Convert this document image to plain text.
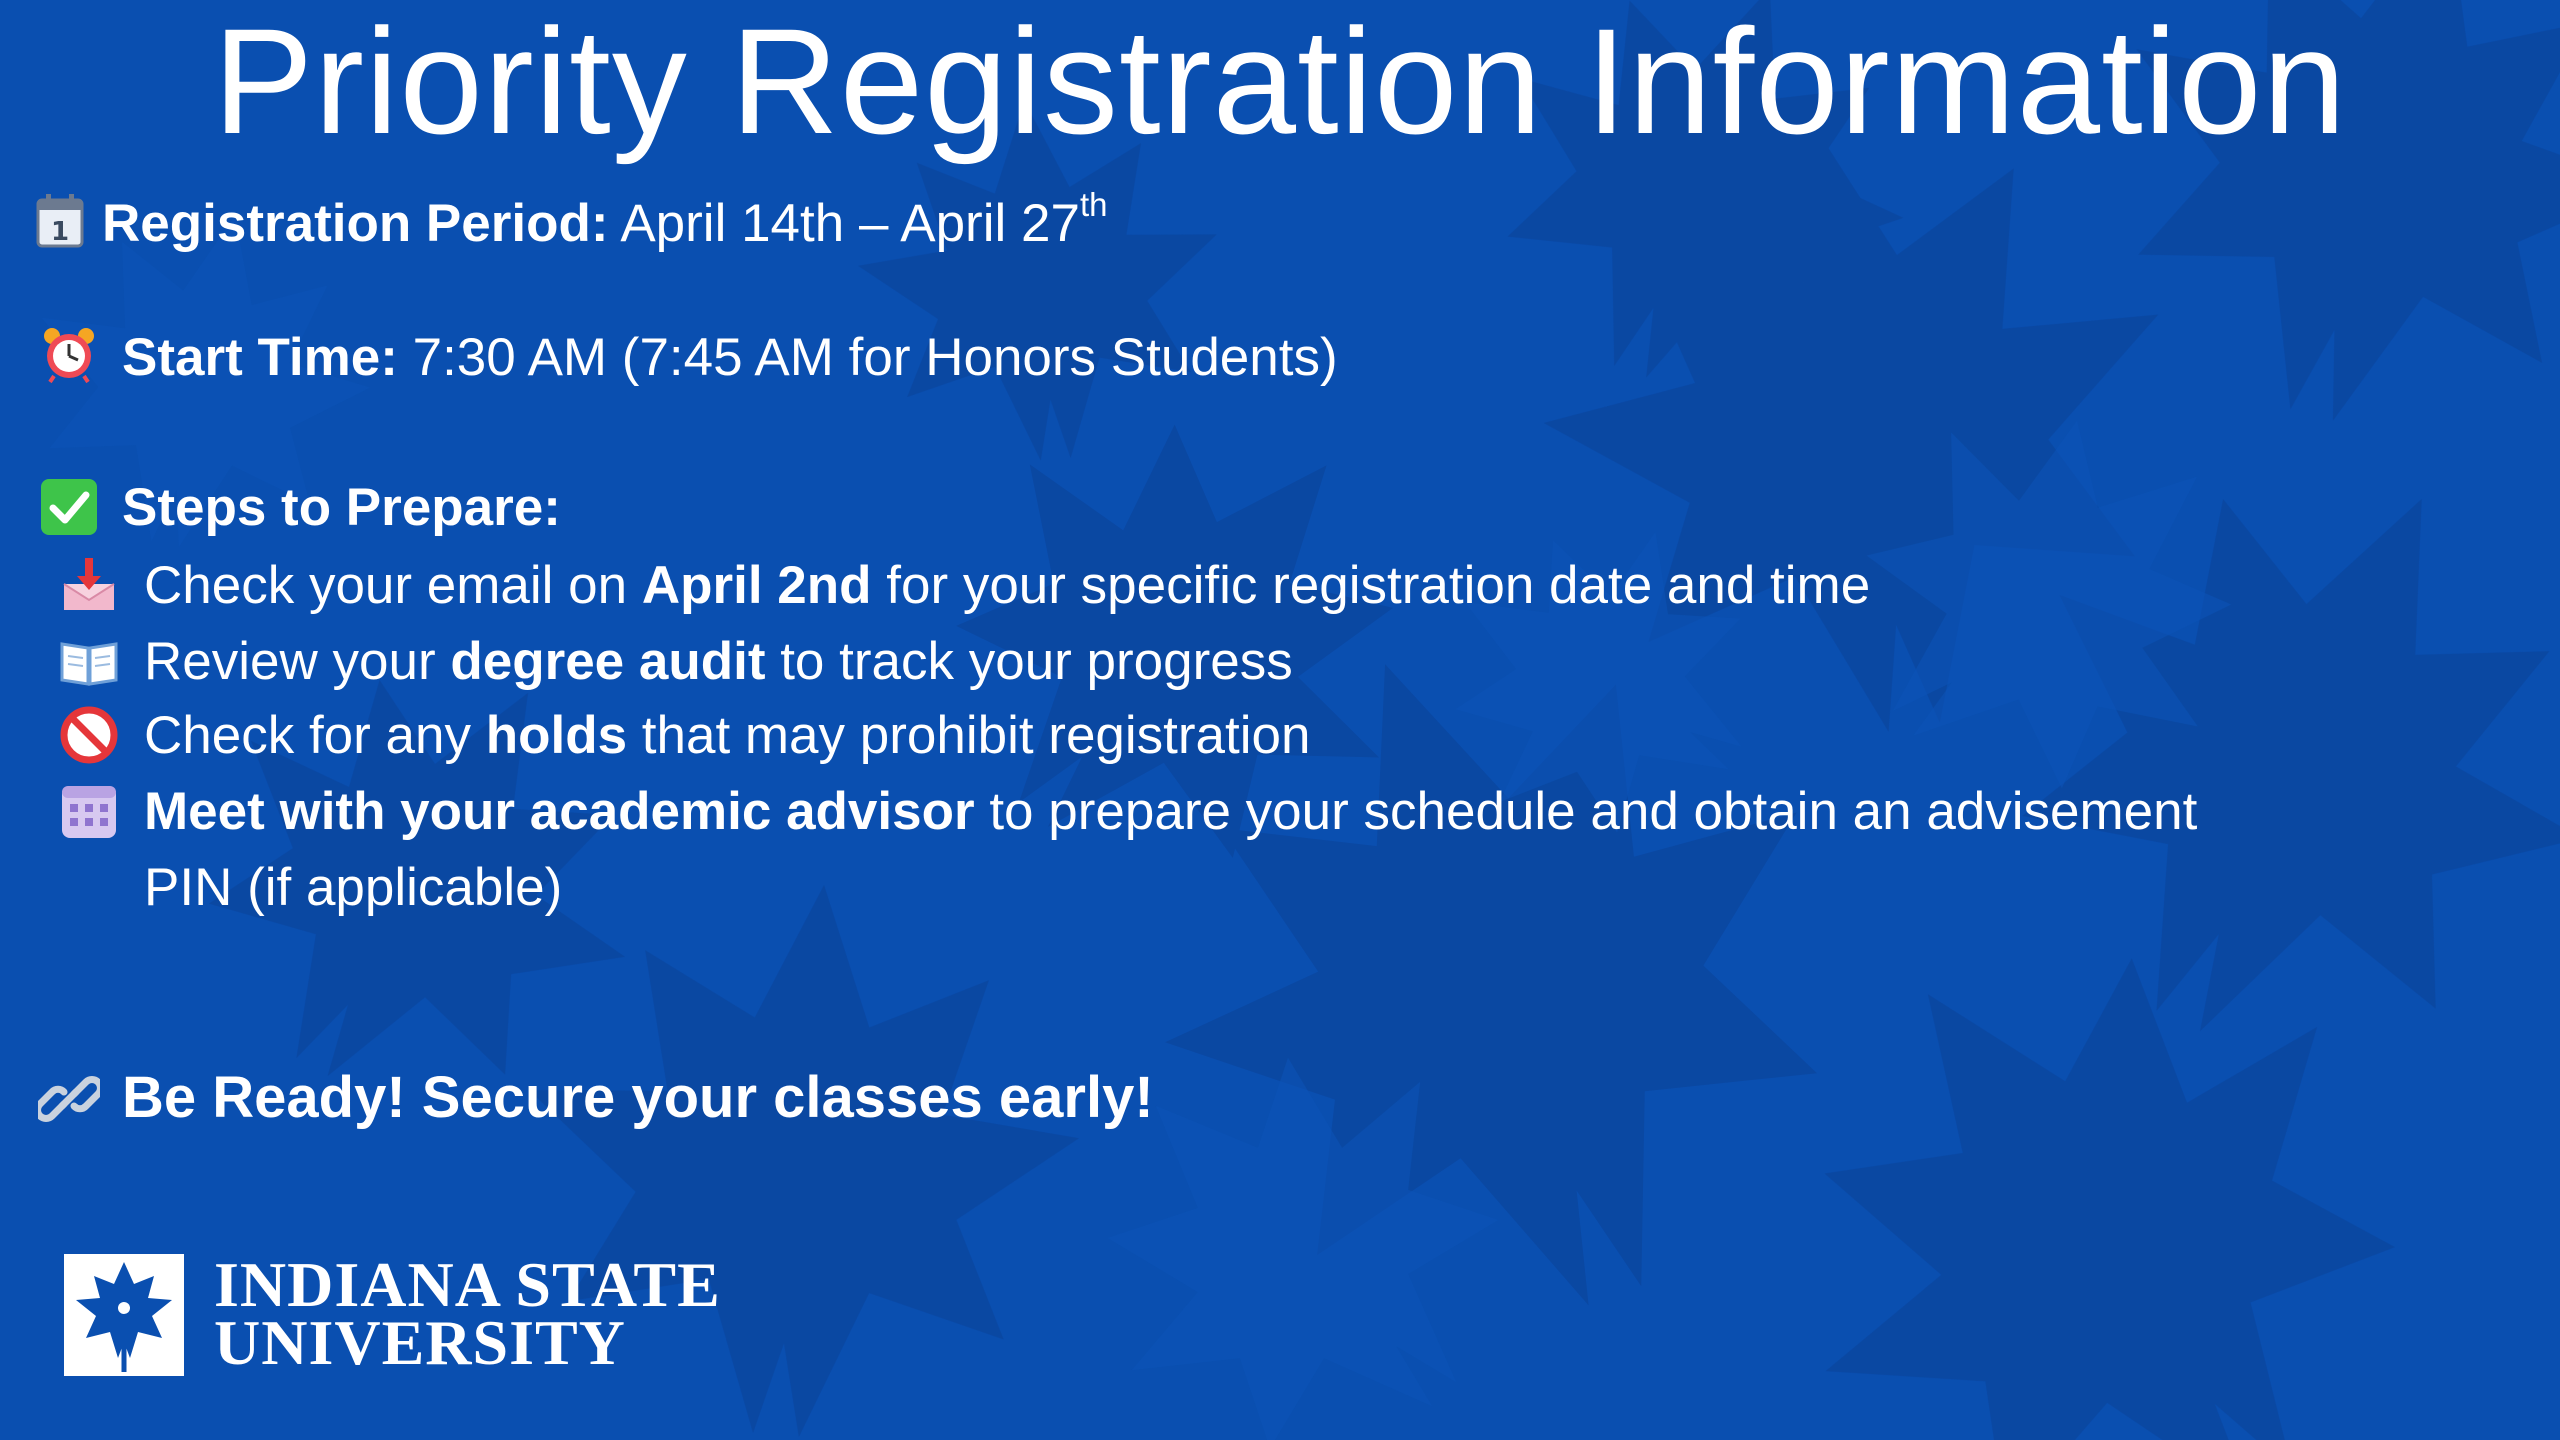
Priority Registration Information
1 Registration Period: April 14th – April 27th
Start Time: 7:30 AM (7:45 AM for Honors Students)
Steps to Prepare:
Check your email on April 2nd for your specific registration date and time
Review your degree audit to track your progress
Check for any holds that may prohibit registration
Meet with your academic advisor to prepare your schedule and obtain an advisement
PIN (if applicable)
Be Ready! Secure your classes early!
INDIANA STATE
UNIVERSITY
